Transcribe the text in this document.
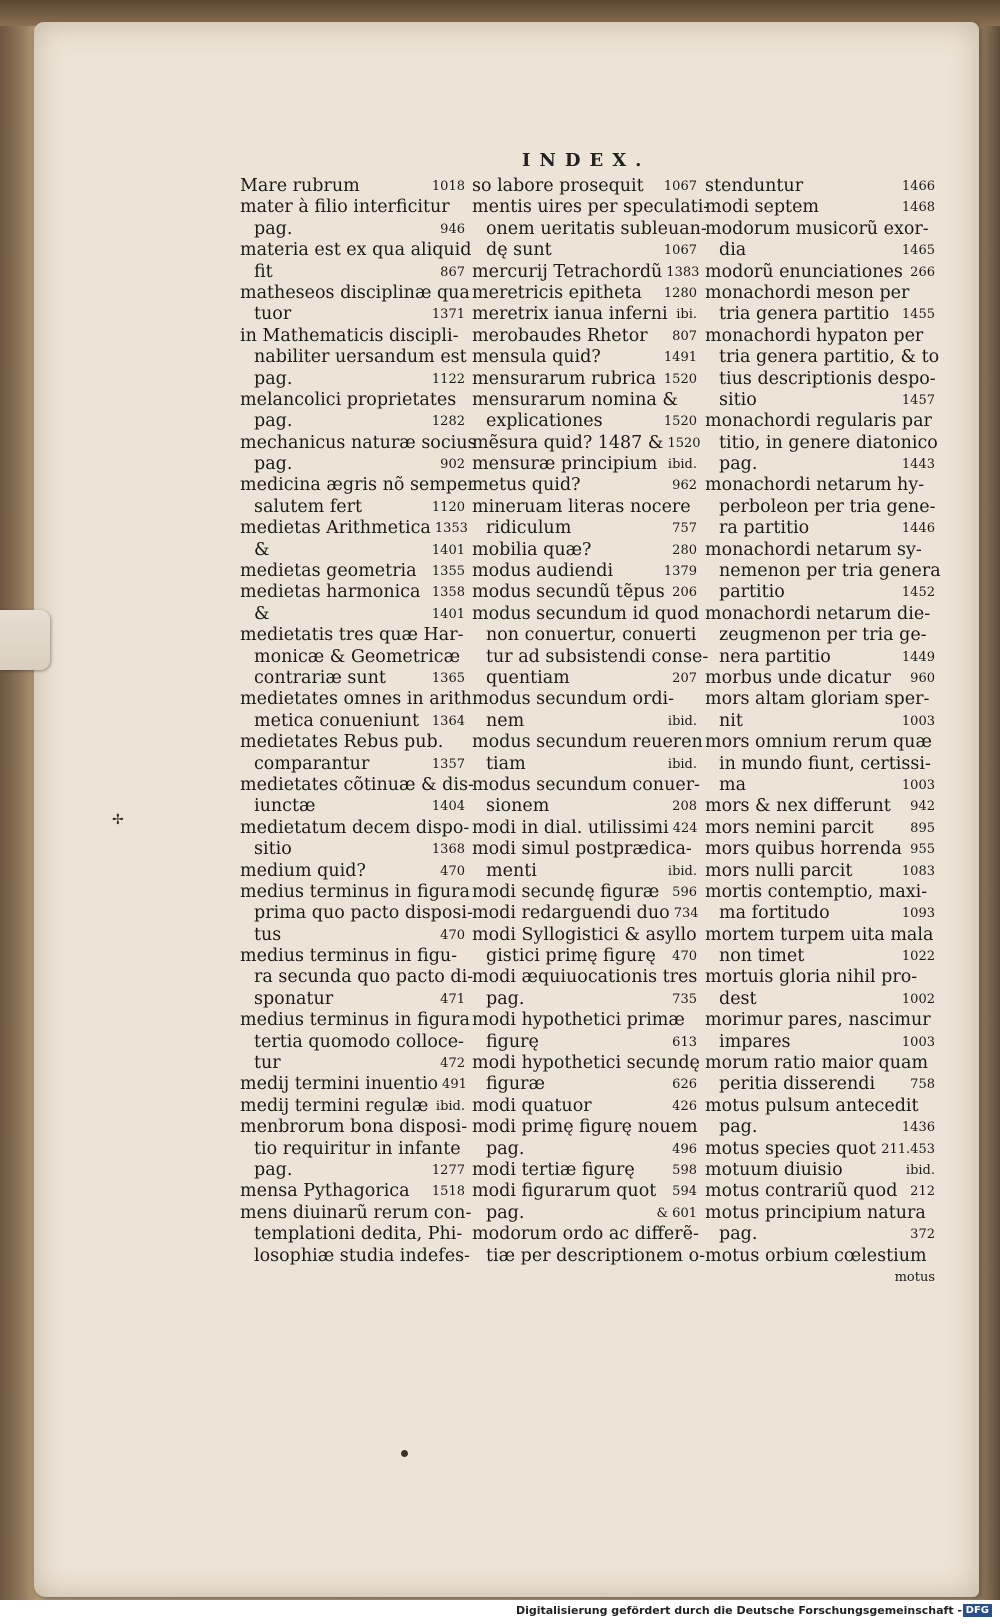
INDEX.
Mare rubrum	1018
mater à filio interficitur
pag.	946
materia est ex qua aliquid
fit	867
matheseos disciplinæ qua
tuor	1371
in Mathematicis discipli-
nabiliter uersandum est
pag.	1122
melancolici proprietates
pag.	1282
mechanicus naturæ socius
pag.	902
medicina ægris nõ semper
salutem fert	1120
medietas Arithmetica 1353
&	1401
medietas geometria 1355
medietas harmonica 1358
&	1401
medietatis tres quæ Har-
monicæ & Geometricæ
contrariæ sunt	1365
medietates omnes in arith
metica conueniunt 1364
medietates Rebus pub.
comparantur	1357
medietates cõtinuæ & dis-
iunctæ	1404
medietatum decem dispo-
sitio	1368
medium quid?	470
medius terminus in figura
prima quo pacto disposi-
tus	470
medius terminus in figu-
ra secunda quo pacto di-
sponatur	471
medius terminus in figura
tertia quomodo colloce-
tur	472
medij termini inuentio 491
medij termini regulæ ibid.
menbrorum bona disposi-
tio requiritur in infante
pag.	1277
mensa Pythagorica 1518
mens diuinarũ rerum con-
templationi dedita, Phi-
losophiæ studia indefes-
so labore prosequit 1067
mentis uires per speculati-
onem ueritatis subleuan-
dę sunt	1067
mercurij Tetrachordũ 1383
meretricis epitheta 1280
meretrix ianua inferni ibi.
merobaudes Rhetor 807
mensula quid?	1491
mensurarum rubrica 1520
mensurarum nomina &
explicationes	1520
mẽsura quid? 1487 & 1520
mensuræ principium ibid.
metus quid?	962
mineruam literas nocere
ridiculum	757
mobilia quæ?	280
modus audiendi	1379
modus secundũ tẽpus 206
modus secundum id quod
non conuertur, conuerti
tur ad subsistendi conse-
quentiam	207
modus secundum ordi-
nem	ibid.
modus secundum reueren
tiam	ibid.
modus secundum conuer-
sionem	208
modi in dial. utilissimi 424
modi simul postprædica-
menti	ibid.
modi secundę figuræ 596
modi redarguendi duo 734
modi Syllogistici & asyllo
gistici primę figurę 470
modi æquiuocationis tres
pag.	735
modi hypothetici primæ
figurę	613
modi hypothetici secundę
figuræ	626
modi quatuor	426
modi primę figurę nouem
pag.	496
modi tertiæ figurę	598
modi figurarum quot 594
pag.	& 601
modorum ordo ac differẽ-
tiæ per descriptionem o-
stenduntur	1466
modi septem	1468
modorum musicorũ exor-
dia	1465
modorũ enunciationes 266
monachordi meson per
tria genera partitio 1455
monachordi hypaton per
tria genera partitio, & to
tius descriptionis despo-
sitio	1457
monachordi regularis par
titio, in genere diatonico
pag.	1443
monachordi netarum hy-
perboleon per tria gene-
ra partitio	1446
monachordi netarum sy-
nemenon per tria genera
partitio	1452
monachordi netarum die-
zeugmenon per tria ge-
nera partitio	1449
morbus unde dicatur 960
mors altam gloriam sper-
nit	1003
mors omnium rerum quæ
in mundo fiunt, certissi-
ma	1003
mors & nex differunt 942
mors nemini parcit	895
mors quibus horrenda 955
mors nulli parcit	1083
mortis contemptio, maxi-
ma fortitudo	1093
mortem turpem uita mala
non timet	1022
mortuis gloria nihil pro-
dest	1002
morimur pares, nascimur
impares	1003
morum ratio maior quam
peritia disserendi	758
motus pulsum antecedit
pag.	1436
motus species quot 211.453
motuum diuisio	ibid.
motus contrariũ quod 212
motus principium natura
pag.	372
motus orbium cœlestium
motus
✢
Digitalisierung gefördert durch die Deutsche Forschungsgemeinschaft - DFG
